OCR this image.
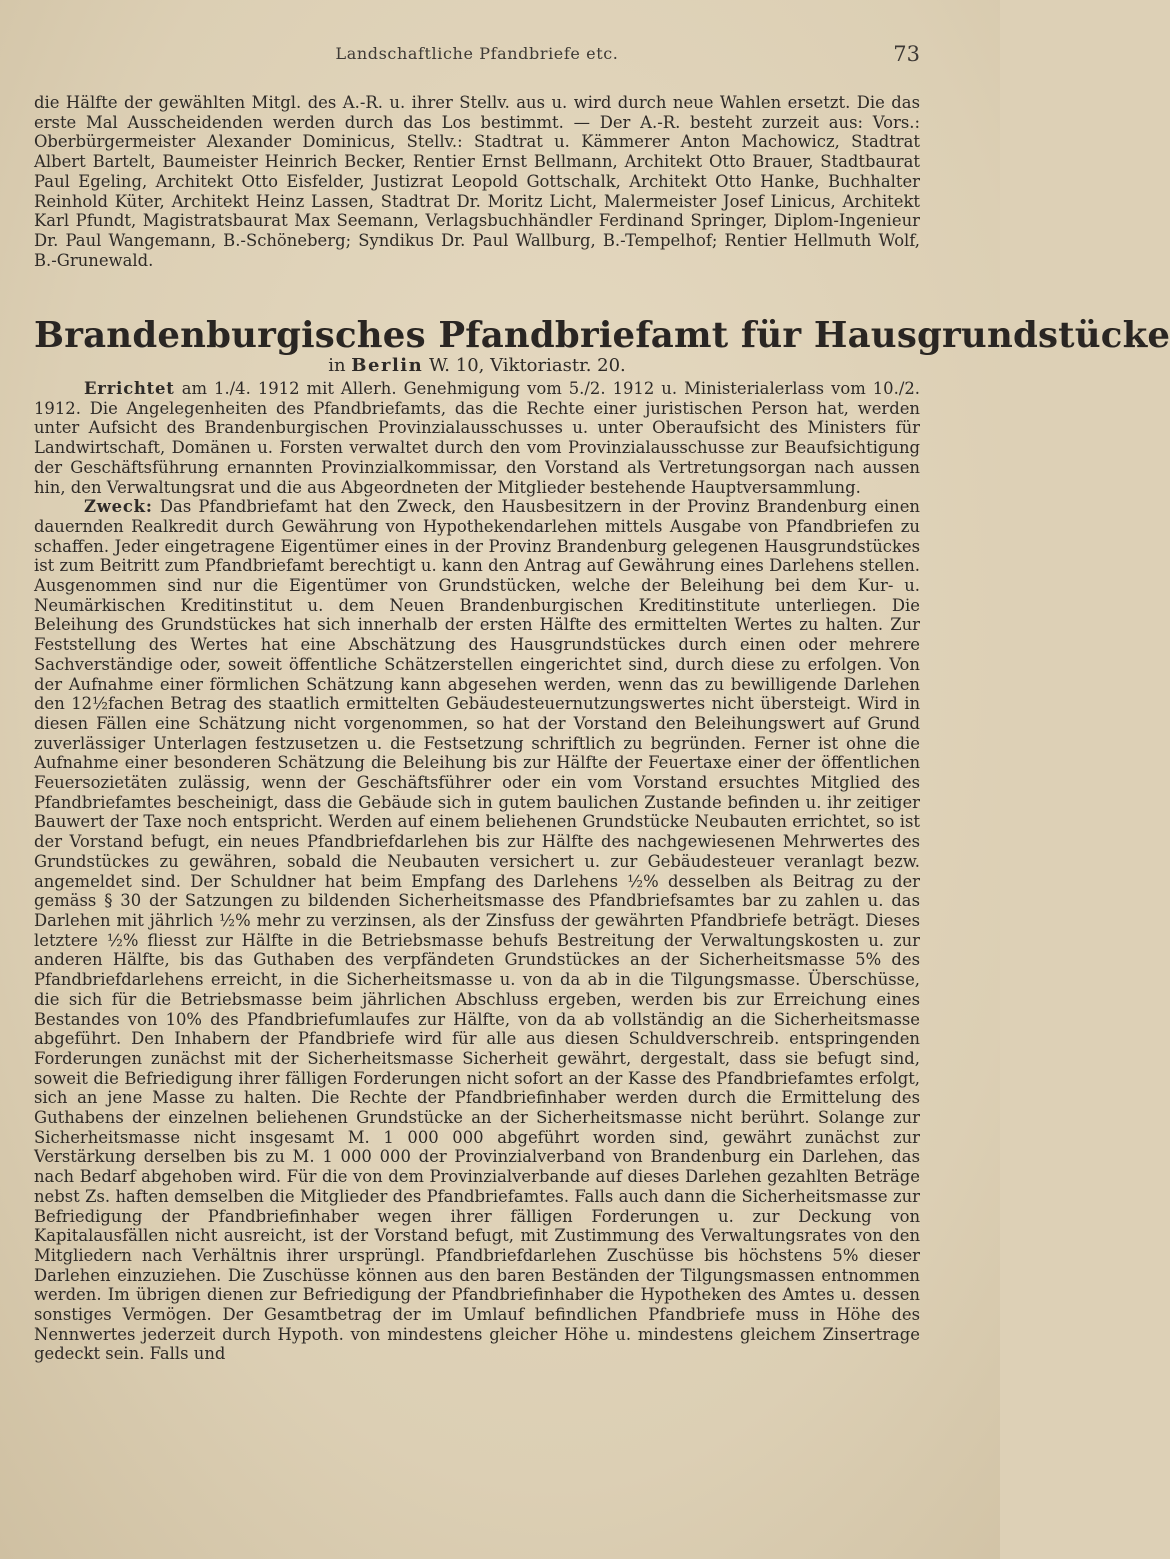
Landschaftliche Pfandbriefe etc.	73

die Hälfte der gewählten Mitgl. des A.-R. u. ihrer Stellv. aus u. wird durch neue Wahlen ersetzt. Die das erste Mal Ausscheidenden werden durch das Los bestimmt. — Der A.-R. besteht zurzeit aus: Vors.: Oberbürgermeister Alexander Dominicus, Stellv.: Stadtrat u. Kämmerer Anton Machowicz, Stadtrat Albert Bartelt, Baumeister Heinrich Becker, Rentier Ernst Bellmann, Architekt Otto Brauer, Stadtbaurat Paul Egeling, Architekt Otto Eisfelder, Justizrat Leopold Gottschalk, Architekt Otto Hanke, Buchhalter Reinhold Küter, Architekt Heinz Lassen, Stadtrat Dr. Moritz Licht, Malermeister Josef Linicus, Architekt Karl Pfundt, Magistratsbaurat Max Seemann, Verlagsbuchhändler Ferdinand Springer, Diplom-Ingenieur Dr. Paul Wangemann, B.-Schöneberg; Syndikus Dr. Paul Wallburg, B.-Tempelhof; Rentier Hellmuth Wolf, B.-Grunewald.

Brandenburgisches Pfandbriefamt für Hausgrundstücke
in Berlin W. 10, Viktoriastr. 20.

Errichtet am 1./4. 1912 mit Allerh. Genehmigung vom 5./2. 1912 u. Ministerialerlass vom 10./2. 1912. Die Angelegenheiten des Pfandbriefamts, das die Rechte einer juristischen Person hat, werden unter Aufsicht des Brandenburgischen Provinzialausschusses u. unter Oberaufsicht des Ministers für Landwirtschaft, Domänen u. Forsten verwaltet durch den vom Provinzialausschusse zur Beaufsichtigung der Geschäftsführung ernannten Provinzialkommissar, den Vorstand als Vertretungsorgan nach aussen hin, den Verwaltungsrat und die aus Abgeordneten der Mitglieder bestehende Hauptversammlung.

Zweck: Das Pfandbriefamt hat den Zweck, den Hausbesitzern in der Provinz Brandenburg einen dauernden Realkredit durch Gewährung von Hypothekendarlehen mittels Ausgabe von Pfandbriefen zu schaffen. Jeder eingetragene Eigentümer eines in der Provinz Brandenburg gelegenen Hausgrundstückes ist zum Beitritt zum Pfandbriefamt berechtigt u. kann den Antrag auf Gewährung eines Darlehens stellen. Ausgenommen sind nur die Eigentümer von Grundstücken, welche der Beleihung bei dem Kur- u. Neumärkischen Kreditinstitut u. dem Neuen Brandenburgischen Kreditinstitute unterliegen. Die Beleihung des Grundstückes hat sich innerhalb der ersten Hälfte des ermittelten Wertes zu halten. Zur Feststellung des Wertes hat eine Abschätzung des Hausgrundstückes durch einen oder mehrere Sachverständige oder, soweit öffentliche Schätzerstellen eingerichtet sind, durch diese zu erfolgen. Von der Aufnahme einer förmlichen Schätzung kann abgesehen werden, wenn das zu bewilligende Darlehen den 12½fachen Betrag des staatlich ermittelten Gebäudesteuernutzungswertes nicht übersteigt. Wird in diesen Fällen eine Schätzung nicht vorgenommen, so hat der Vorstand den Beleihungswert auf Grund zuverlässiger Unterlagen festzusetzen u. die Festsetzung schriftlich zu begründen. Ferner ist ohne die Aufnahme einer besonderen Schätzung die Beleihung bis zur Hälfte der Feuertaxe einer der öffentlichen Feuersozietäten zulässig, wenn der Geschäftsführer oder ein vom Vorstand ersuchtes Mitglied des Pfandbriefamtes bescheinigt, dass die Gebäude sich in gutem baulichen Zustande befinden u. ihr zeitiger Bauwert der Taxe noch entspricht. Werden auf einem beliehenen Grundstücke Neubauten errichtet, so ist der Vorstand befugt, ein neues Pfandbriefdarlehen bis zur Hälfte des nachgewiesenen Mehrwertes des Grundstückes zu gewähren, sobald die Neubauten versichert u. zur Gebäudesteuer veranlagt bezw. angemeldet sind. Der Schuldner hat beim Empfang des Darlehens ½% desselben als Beitrag zu der gemäss § 30 der Satzungen zu bildenden Sicherheitsmasse des Pfandbriefsamtes bar zu zahlen u. das Darlehen mit jährlich ½% mehr zu verzinsen, als der Zinsfuss der gewährten Pfandbriefe beträgt. Dieses letztere ½% fliesst zur Hälfte in die Betriebsmasse behufs Bestreitung der Verwaltungskosten u. zur anderen Hälfte, bis das Guthaben des verpfändeten Grundstückes an der Sicherheitsmasse 5% des Pfandbriefdarlehens erreicht, in die Sicherheitsmasse u. von da ab in die Tilgungsmasse. Überschüsse, die sich für die Betriebsmasse beim jährlichen Abschluss ergeben, werden bis zur Erreichung eines Bestandes von 10% des Pfandbriefumlaufes zur Hälfte, von da ab vollständig an die Sicherheitsmasse abgeführt. Den Inhabern der Pfandbriefe wird für alle aus diesen Schuldverschreib. entspringenden Forderungen zunächst mit der Sicherheitsmasse Sicherheit gewährt, dergestalt, dass sie befugt sind, soweit die Befriedigung ihrer fälligen Forderungen nicht sofort an der Kasse des Pfandbriefamtes erfolgt, sich an jene Masse zu halten. Die Rechte der Pfandbriefinhaber werden durch die Ermittelung des Guthabens der einzelnen beliehenen Grundstücke an der Sicherheitsmasse nicht berührt. Solange zur Sicherheitsmasse nicht insgesamt M. 1 000 000 abgeführt worden sind, gewährt zunächst zur Verstärkung derselben bis zu M. 1 000 000 der Provinzialverband von Brandenburg ein Darlehen, das nach Bedarf abgehoben wird. Für die von dem Provinzialverbande auf dieses Darlehen gezahlten Beträge nebst Zs. haften demselben die Mitglieder des Pfandbriefamtes. Falls auch dann die Sicherheitsmasse zur Befriedigung der Pfandbriefinhaber wegen ihrer fälligen Forderungen u. zur Deckung von Kapitalausfällen nicht ausreicht, ist der Vorstand befugt, mit Zustimmung des Verwaltungsrates von den Mitgliedern nach Verhältnis ihrer ursprüngl. Pfandbriefdarlehen Zuschüsse bis höchstens 5% dieser Darlehen einzuziehen. Die Zuschüsse können aus den baren Beständen der Tilgungsmassen entnommen werden. Im übrigen dienen zur Befriedigung der Pfandbriefinhaber die Hypotheken des Amtes u. dessen sonstiges Vermögen. Der Gesamtbetrag der im Umlauf befindlichen Pfandbriefe muss in Höhe des Nennwertes jederzeit durch Hypoth. von mindestens gleicher Höhe u. mindestens gleichem Zinsertrage gedeckt sein. Falls und
